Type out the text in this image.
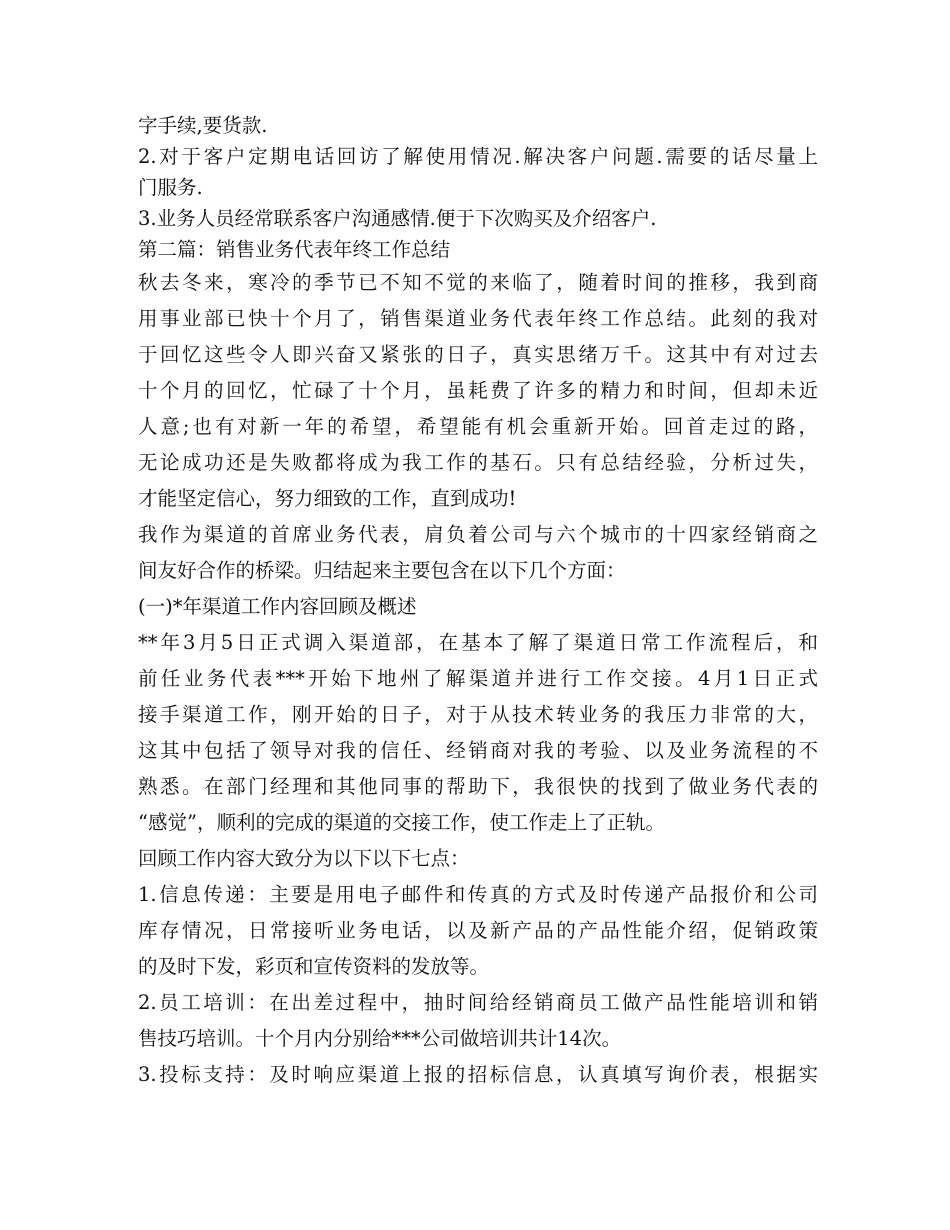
字手续,要货款.
2.对于客户定期电话回访了解使用情况.解决客户问题.需要的话尽量上
门服务.
3.业务人员经常联系客户沟通感情.便于下次购买及介绍客户.
第二篇：销售业务代表年终工作总结
秋去冬来，寒冷的季节已不知不觉的来临了，随着时间的推移，我到商
用事业部已快十个月了，销售渠道业务代表年终工作总结。此刻的我对
于回忆这些令人即兴奋又紧张的日子，真实思绪万千。这其中有对过去
十个月的回忆，忙碌了十个月，虽耗费了许多的精力和时间，但却未近
人意;也有对新一年的希望，希望能有机会重新开始。回首走过的路，
无论成功还是失败都将成为我工作的基石。只有总结经验，分析过失，
才能坚定信心，努力细致的工作，直到成功!
我作为渠道的首席业务代表，肩负着公司与六个城市的十四家经销商之
间友好合作的桥梁。归结起来主要包含在以下几个方面：
(一)*年渠道工作内容回顾及概述
**年3月5日正式调入渠道部，在基本了解了渠道日常工作流程后，和
前任业务代表***开始下地州了解渠道并进行工作交接。4月1日正式
接手渠道工作，刚开始的日子，对于从技术转业务的我压力非常的大，
这其中包括了领导对我的信任、经销商对我的考验、以及业务流程的不
熟悉。在部门经理和其他同事的帮助下，我很快的找到了做业务代表的
“感觉”，顺利的完成的渠道的交接工作，使工作走上了正轨。
回顾工作内容大致分为以下以下七点：
1.信息传递：主要是用电子邮件和传真的方式及时传递产品报价和公司
库存情况，日常接听业务电话，以及新产品的产品性能介绍，促销政策
的及时下发，彩页和宣传资料的发放等。
2.员工培训：在出差过程中，抽时间给经销商员工做产品性能培训和销
售技巧培训。十个月内分别给***公司做培训共计14次。
3.投标支持：及时响应渠道上报的招标信息，认真填写询价表，根据实
